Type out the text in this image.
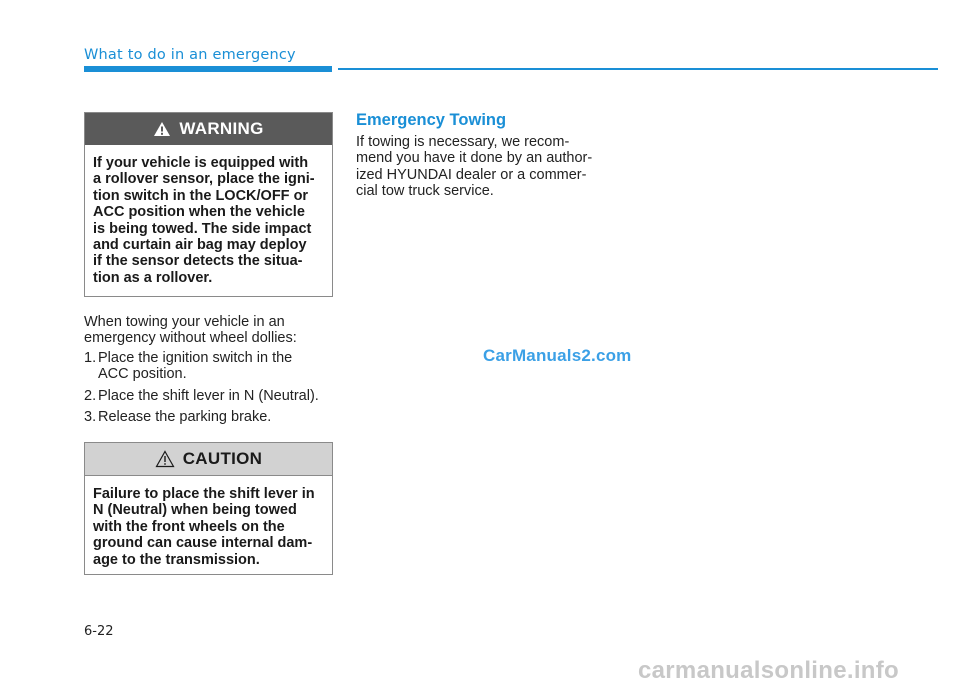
What to do in an emergency
WARNING
If your vehicle is equipped with
a rollover sensor, place the igni-
tion switch in the LOCK/OFF or
ACC position when the vehicle
is being towed. The side impact
and curtain air bag may deploy
if the sensor detects the situa-
tion as a rollover.
When towing your vehicle in an
emergency without wheel dollies:
1. Place the ignition switch in the
ACC position.
2. Place the shift lever in N (Neutral).
3. Release the parking brake.
CAUTION
Failure to place the shift lever in
N (Neutral) when being towed
with the front wheels on the
ground can cause internal dam-
age to the transmission.
Emergency Towing
If towing is necessary, we recom-
mend you have it done by an author-
ized HYUNDAI dealer or a commer-
cial tow truck service.
CarManuals2.com
6-22
carmanualsonline.info
